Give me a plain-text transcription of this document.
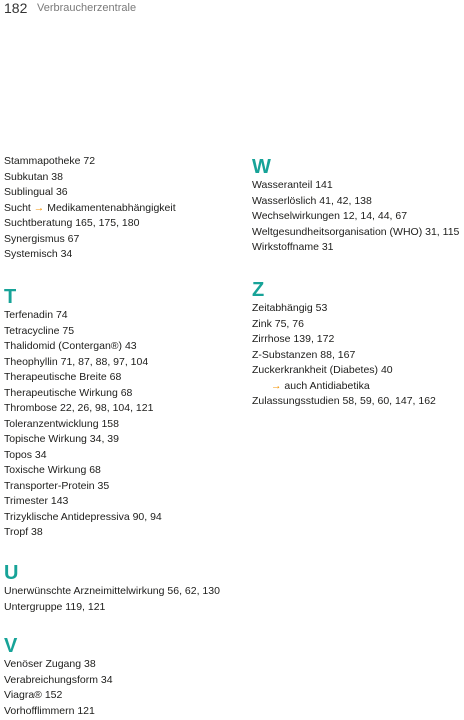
182 Verbraucherzentrale
Stammapotheke 72
Subkutan 38
Sublingual 36
Sucht → Medikamentenabhängigkeit
Suchtberatung 165, 175, 180
Synergismus 67
Systemisch 34
T
Terfenadin 74
Tetracycline 75
Thalidomid (Contergan®) 43
Theophyllin 71, 87, 88, 97, 104
Therapeutische Breite 68
Therapeutische Wirkung 68
Thrombose 22, 26, 98, 104, 121
Toleranzentwicklung 158
Topische Wirkung 34, 39
Topos 34
Toxische Wirkung 68
Transporter-Protein 35
Trimester 143
Trizyklische Antidepressiva 90, 94
Tropf 38
U
Unerwünschte Arzneimittelwirkung 56, 62, 130
Untergruppe 119, 121
V
Venöser Zugang 38
Verabreichungsform 34
Viagra® 152
Vorhofflimmern 121
W
Wasseranteil 141
Wasserlöslich 41, 42, 138
Wechselwirkungen 12, 14, 44, 67
Weltgesundheitsorganisation (WHO) 31, 115
Wirkstoffname 31
Z
Zeitabhängig 53
Zink 75, 76
Zirrhose 139, 172
Z-Substanzen 88, 167
Zuckerkrankheit (Diabetes) 40
→ auch Antidiabetika
Zulassungsstudien 58, 59, 60, 147, 162
